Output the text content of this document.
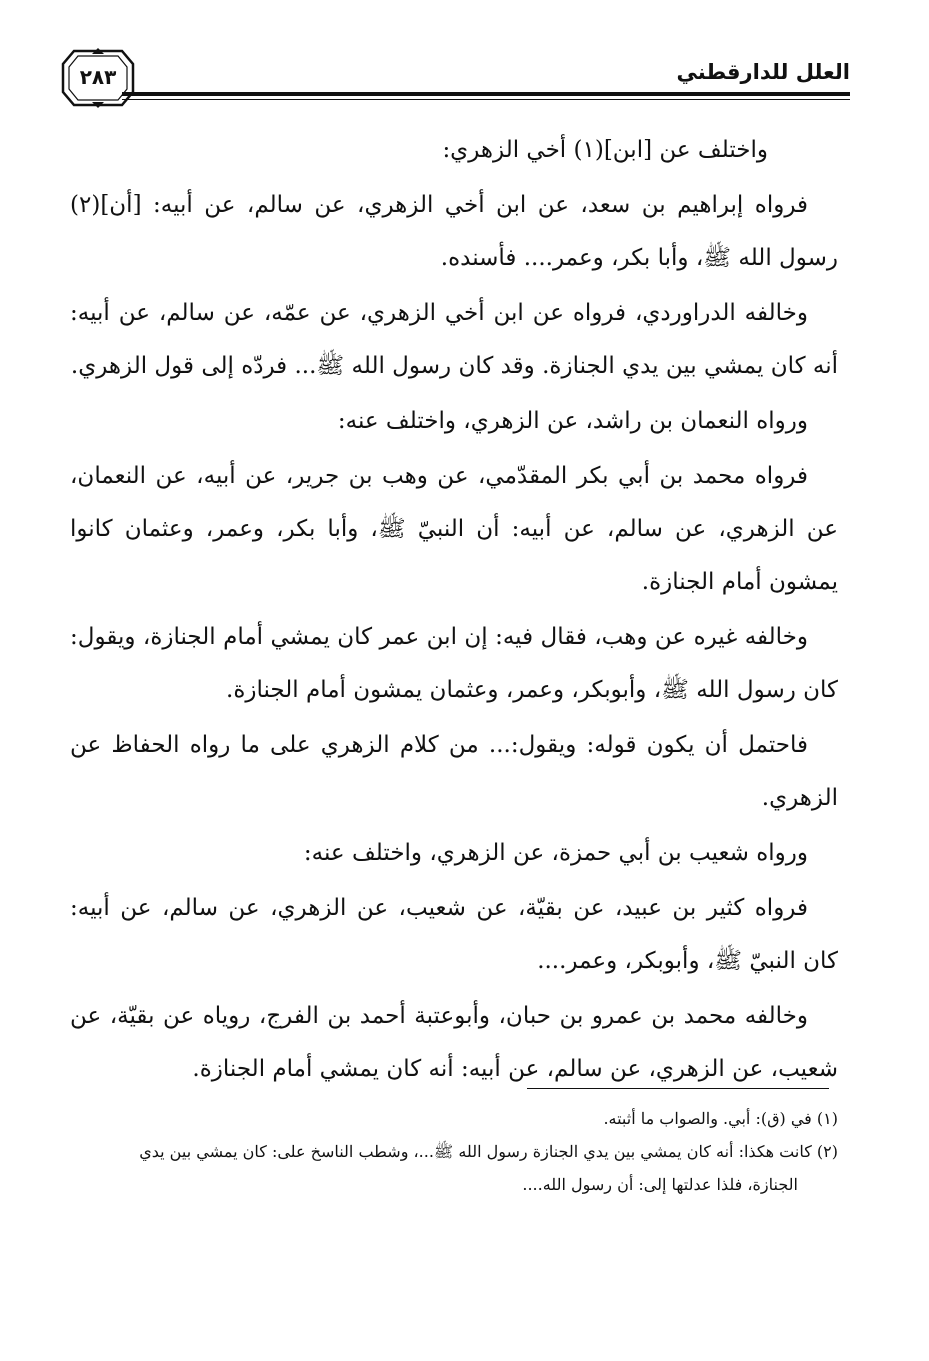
٢٨٣	العلل للدارقطني

واختلف عن [ابن](١) أخي الزهري:

فرواه إبراهيم بن سعد، عن ابن أخي الزهري، عن سالم، عن أبيه: [أن](٢) رسول الله ﷺ، وأبا بكر، وعمر.... فأسنده.

وخالفه الدراوردي، فرواه عن ابن أخي الزهري، عن عمّه، عن سالم، عن أبيه: أنه كان يمشي بين يدي الجنازة. وقد كان رسول الله ﷺ... فردّه إلى قول الزهري.

ورواه النعمان بن راشد، عن الزهري، واختلف عنه:

فرواه محمد بن أبي بكر المقدّمي، عن وهب بن جرير، عن أبيه، عن النعمان، عن الزهري، عن سالم، عن أبيه: أن النبيّ ﷺ، وأبا بكر، وعمر، وعثمان كانوا يمشون أمام الجنازة.

وخالفه غيره عن وهب، فقال فيه: إن ابن عمر كان يمشي أمام الجنازة، ويقول: كان رسول الله ﷺ، وأبوبكر، وعمر، وعثمان يمشون أمام الجنازة.

فاحتمل أن يكون قوله: ويقول:... من كلام الزهري على ما رواه الحفاظ عن الزهري.

ورواه شعيب بن أبي حمزة، عن الزهري، واختلف عنه:

فرواه كثير بن عبيد، عن بقيّة، عن شعيب، عن الزهري، عن سالم، عن أبيه: كان النبيّ ﷺ، وأبوبكر، وعمر....

وخالفه محمد بن عمرو بن حبان، وأبوعتبة أحمد بن الفرج، روياه عن بقيّة، عن شعيب، عن الزهري، عن سالم، عن أبيه: أنه كان يمشي أمام الجنازة.

(١) في (ق): أبي. والصواب ما أثبته.

(٢) كانت هكذا: أنه كان يمشي بين يدي الجنازة رسول الله ﷺ...، وشطب الناسخ على: كان يمشي بين يدي

الجنازة، فلذا عدلتها إلى: أن رسول الله....
